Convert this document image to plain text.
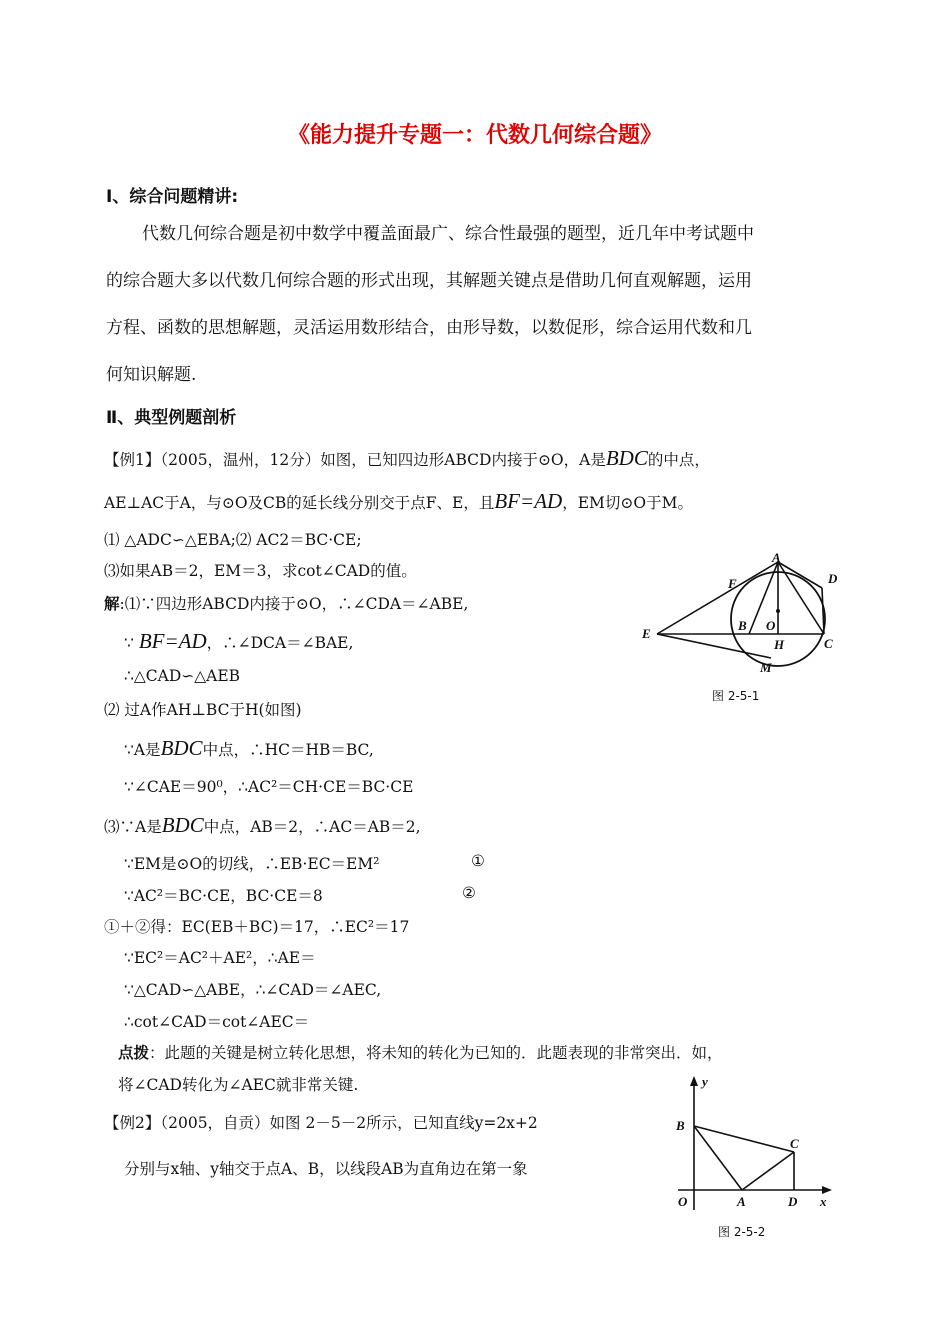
《能力提升专题一：代数几何综合题》
Ⅰ、综合问题精讲:
代数几何综合题是初中数学中覆盖面最广、综合性最强的题型，近几年中考试题中
的综合题大多以代数几何综合题的形式出现，其解题关键点是借助几何直观解题，运用
方程、函数的思想解题，灵活运用数形结合，由形导数，以数促形，综合运用代数和几
何知识解题.
Ⅱ、典型例题剖析
【例1】（2005，温州，12分）如图，已知四边形ABCD内接于⊙O，A是BDC的中点，
AE⊥AC于A，与⊙O及CB的延长线分别交于点F、E，且BF=AD，EM切⊙O于M。
⑴ △ADC∽△EBA;⑵ AC2＝BC·CE;
⑶如果AB＝2，EM＝3，求cot∠CAD的值。
解:⑴∵四边形ABCD内接于⊙O，∴∠CDA＝∠ABE,
∵ BF=AD，∴∠DCA＝∠BAE,
∴△CAD∽△AEB
⑵ 过A作AH⊥BC于H(如图)
∵A是BDC中点，∴HC＝HB＝BC,
∵∠CAE＝90⁰，∴AC²＝CH·CE＝BC·CE
⑶∵A是BDC中点，AB＝2，∴AC＝AB＝2,
∵EM是⊙O的切线，∴EB·EC＝EM²	①
∵AC²＝BC·CE，BC·CE＝8	②
①＋②得：EC(EB＋BC)＝17，∴EC²＝17
∵EC²＝AC²＋AE²，∴AE＝
∵△CAD∽△ABE，∴∠CAD＝∠AEC,
∴cot∠CAD＝cot∠AEC＝
点拨：此题的关键是树立转化思想，将未知的转化为已知的．此题表现的非常突出．如，
将∠CAD转化为∠AEC就非常关键.
【例2】（2005，自贡）如图 2－5－2所示，已知直线y=2x+2
分别与x轴、y轴交于点A、B，以线段AB为直角边在第一象
A
D
F
E
B O
H	C
M
图 2-5-1
y
B
C
O	A	D x
图 2-5-2
